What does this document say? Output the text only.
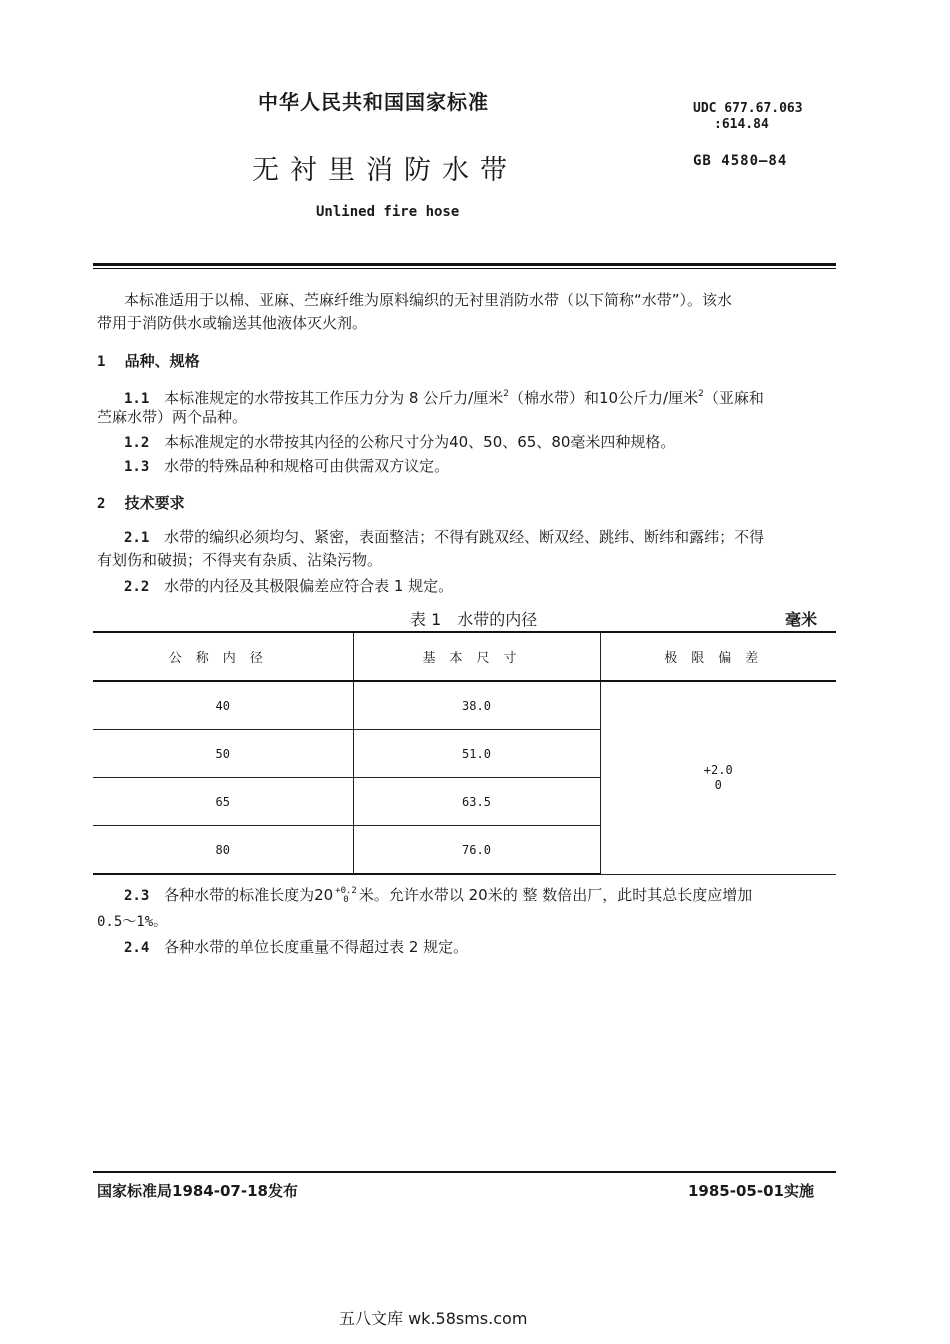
中华人民共和国国家标准	UDC 677.67.063
:614.84
无衬里消防水带	GB 4580—84
Unlined fire hose
本标准适用于以棉、亚麻、苎麻纤维为原料编织的无衬里消防水带（以下简称“水带”）。该水
带用于消防供水或输送其他液体灭火剂。
1 品种、规格
1.1 本标准规定的水带按其工作压力分为 8 公斤力/厘米$^2$（棉水带）和10公斤力/厘米$^2$（亚麻和
苎麻水带）两个品种。
1.2 本标准规定的水带按其内径的公称尺寸分为40、50、65、80毫米四种规格。
1.3 水带的特殊品种和规格可由供需双方议定。
2 技术要求
2.1 水带的编织必须均匀、紧密，表面整洁；不得有跳双经、断双经、跳纬、断纬和露纬；不得
有划伤和破损；不得夹有杂质、沾染污物。
2.2 水带的内径及其极限偏差应符合表 1 规定。
表 1　水带的内径	毫米
公称内径	基本尺寸	极限偏差
40	38.0	+2.0
0

50	51.0	
65	63.5	
80	76.0	
2.3 各种水带的标准长度为20 +0.2
0 米。允许水带以 20米的 整 数倍出厂，此时其总长度应增加
0.5～1%。
2.4 各种水带的单位长度重量不得超过表 2 规定。
国家标准局1984-07-18发布	1985-05-01实施
五八文库 wk.58sms.com
